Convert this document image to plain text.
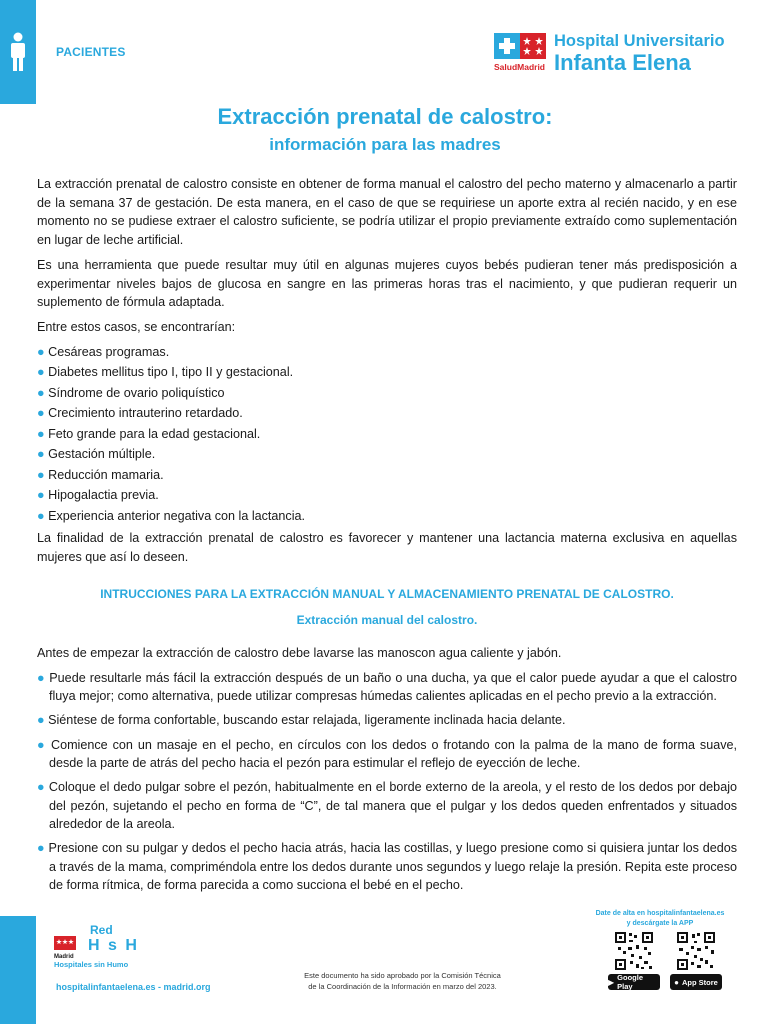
PACIENTES
SaludMadrid
Hospital Universitario
Infanta Elena
Extracción prenatal de calostro:
información para las madres

La extracción prenatal de calostro consiste en obtener de forma manual el calostro del pecho materno y almacenarlo a partir de la semana 37 de gestación. De esta manera, en el caso de que se requiriese un aporte extra al recién nacido, y en ese momento no se pudiese extraer el calostro suficiente, se podría utilizar el propio previamente extraído como suplementación en lugar de leche artificial.

Es una herramienta que puede resultar muy útil en algunas mujeres cuyos bebés pudieran tener más predisposición a experimentar niveles bajos de glucosa en sangre en las primeras horas tras el nacimiento, y que pudieran requerir un suplemento de fórmula adaptada.

Entre estos casos, se encontrarían:

● Cesáreas programas.
● Diabetes mellitus tipo I, tipo II y gestacional.
● Síndrome de ovario poliquístico
● Crecimiento intrauterino retardado.
● Feto grande para la edad gestacional.
● Gestación múltiple.
● Reducción mamaria.
● Hipogalactia previa.
● Experiencia anterior negativa con la lactancia.

La finalidad de la extracción prenatal de calostro es favorecer y mantener una lactancia materna exclusiva en aquellas mujeres que así lo deseen.

INTRUCCIONES PARA LA EXTRACCIÓN MANUAL Y ALMACENAMIENTO PRENATAL DE CALOSTRO.
Extracción manual del calostro.

Antes de empezar la extracción de calostro debe lavarse las manoscon agua caliente y jabón.

● Puede resultarle más fácil la extracción después de un baño o una ducha, ya que el calor puede ayudar a que el calostro fluya mejor; como alternativa, puede utilizar compresas húmedas calientes aplicadas en el pecho previo a la extracción.
● Siéntese de forma confortable, buscando estar relajada, ligeramente inclinada hacia delante.
● Comience con un masaje en el pecho, en círculos con los dedos o frotando con la palma de la mano de forma suave, desde la parte de atrás del pecho hacia el pezón para estimular el reflejo de eyección de leche.
● Coloque el dedo pulgar sobre el pezón, habitualmente en el borde externo de la areola, y el resto de los dedos por debajo del pezón, sujetando el pecho en forma de “C”, de tal manera que el pulgar y los dedos queden enfrentados y situados alrededor de la areola.
● Presione con su pulgar y dedos el pecho hacia atrás, hacia las costillas, y luego presione como si quisiera juntar los dedos a través de la mama, compriméndola entre los dedos durante unos segundos y luego relaje la presión. Repita este proceso de forma rítmica, de forma parecida a como succiona el bebé en el pecho.
Red
H s H
Madrid
Hospitales sin Humo
hospitalinfantaelena.es - madrid.org
Este documento ha sido aprobado por la Comisión Técnica
de la Coordinación de la Información en marzo del 2023.
Date de alta en hospitalinfantaelena.es
y descárgate la APP
▶ Google Play	● App Store
